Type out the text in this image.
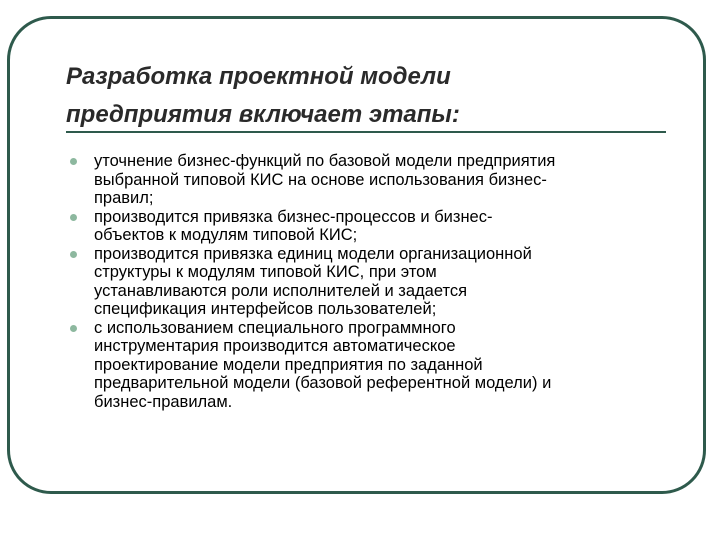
Разработка проектной модели
предприятия включает этапы:
уточнение бизнес-функций по базовой модели предприятия
выбранной типовой КИС на основе использования бизнес-
правил;
производится привязка бизнес-процессов и бизнес-
объектов к модулям типовой КИС;
производится привязка единиц модели организационной
структуры к модулям типовой КИС, при этом
устанавливаются роли исполнителей и задается
спецификация интерфейсов пользователей;
с использованием специального программного
инструментария производится автоматическое
проектирование модели предприятия по заданной
предварительной модели (базовой референтной модели) и
бизнес-правилам.
